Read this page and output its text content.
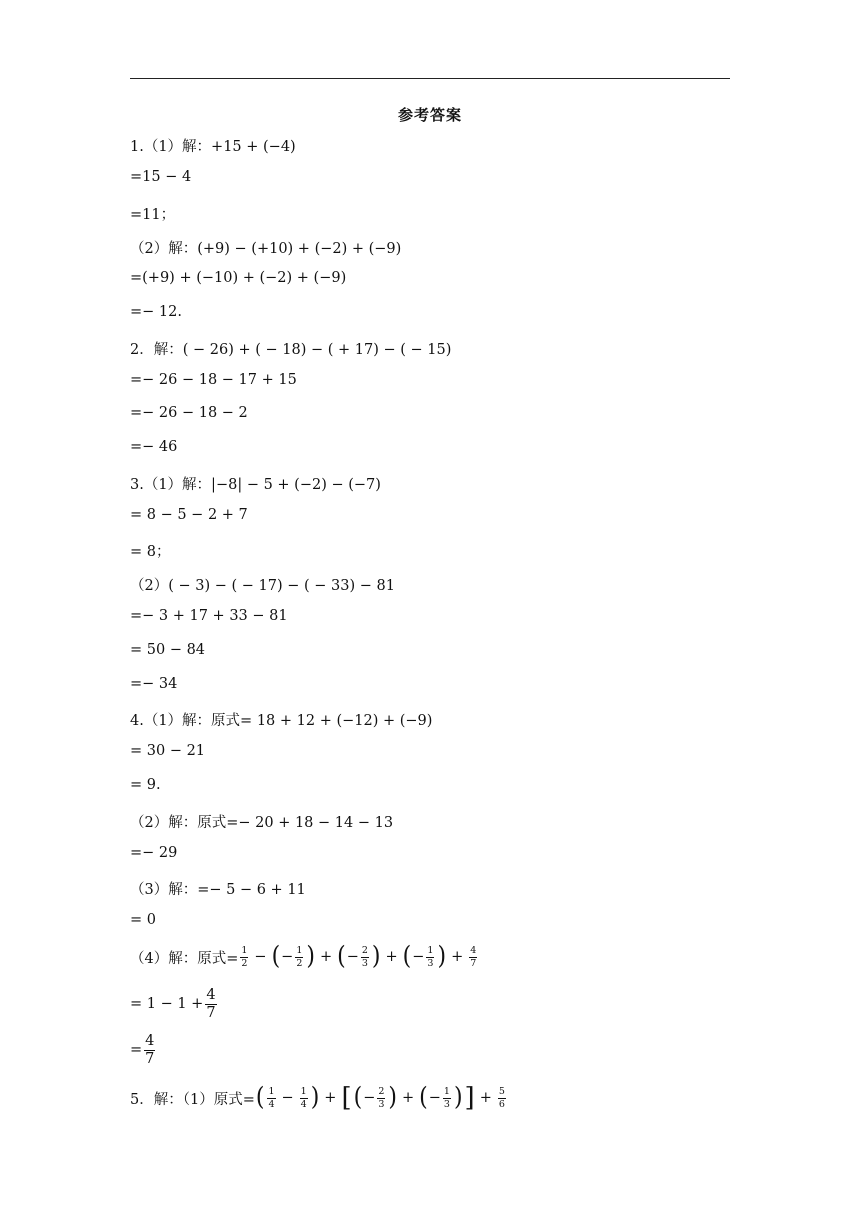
参考答案
1.（1）解：+15 + (−4)
=15 − 4
=11；
（2）解：(+9) − (+10) + (−2) + (−9)
=(+9) + (−10) + (−2) + (−9)
=− 12.
2．解：( − 26) + ( − 18) − ( + 17) − ( − 15)
=− 26 − 18 − 17 + 15
=− 26 − 18 − 2
=− 46
3.（1）解：|−8| − 5 + (−2) − (−7)
= 8 − 5 − 2 + 7
= 8；
（2）( − 3) − ( − 17) − ( − 33) − 81
=− 3 + 17 + 33 − 81
= 50 − 84
=− 34
4.（1）解：原式= 18 + 12 + (−12) + (−9)
= 30 − 21
= 9.
（2）解：原式=− 20 + 18 − 14 − 13
=− 29
（3）解：=− 5 − 6 + 11
= 0
（4）解：原式= $\frac{1}{2}$ − ( − $\frac{1}{2}$ ) + ( − $\frac{2}{3}$ ) + ( − $\frac{1}{3}$ ) + $\frac{4}{7}$
= $1 - 1 + \frac{4}{7}$
= $\frac{4}{7}$
5．解：（1）原式= ( $\frac{1}{4} - \frac{1}{4}$ ) + [ ( − $\frac{2}{3}$ ) + ( − $\frac{1}{3}$ ) ] + $\frac{5}{6}$
